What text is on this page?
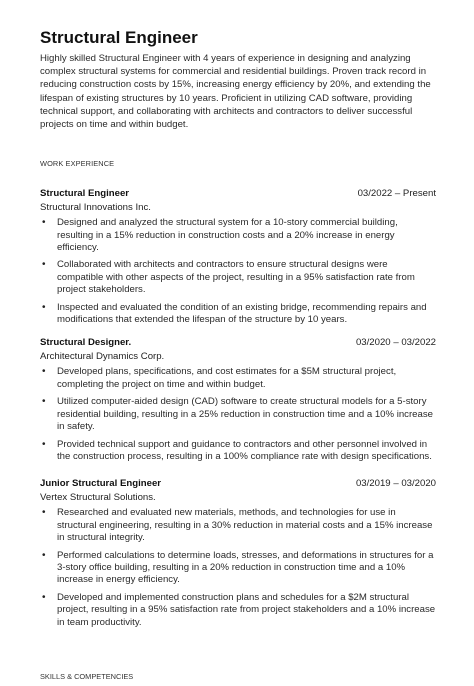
Structural Engineer

Highly skilled Structural Engineer with 4 years of experience in designing and analyzing complex structural systems for commercial and residential buildings. Proven track record in reducing construction costs by 15%, increasing energy efficiency by 20%, and extending the lifespan of existing structures by 10 years. Proficient in utilizing CAD software, providing technical support, and collaborating with architects and contractors to deliver successful projects on time and within budget.

WORK EXPERIENCE
Structural Engineer	03/2022 – Present
Structural Innovations Inc.
• Designed and analyzed the structural system for a 10-story commercial building, resulting in a 15% reduction in construction costs and a 20% increase in energy efficiency.
• Collaborated with architects and contractors to ensure structural designs were compatible with other aspects of the project, resulting in a 95% satisfaction rate from project stakeholders.
• Inspected and evaluated the condition of an existing bridge, recommending repairs and modifications that extended the lifespan of the structure by 10 years.
Structural Designer.	03/2020 – 03/2022
Architectural Dynamics Corp.
• Developed plans, specifications, and cost estimates for a $5M structural project, completing the project on time and within budget.
• Utilized computer-aided design (CAD) software to create structural models for a 5-story residential building, resulting in a 25% reduction in construction time and a 10% increase in safety.
• Provided technical support and guidance to contractors and other personnel involved in the construction process, resulting in a 100% compliance rate with design specifications.
Junior Structural Engineer	03/2019 – 03/2020
Vertex Structural Solutions.
• Researched and evaluated new materials, methods, and technologies for use in structural engineering, resulting in a 30% reduction in material costs and a 15% increase in structural integrity.
• Performed calculations to determine loads, stresses, and deformations in structures for a 3-story office building, resulting in a 20% reduction in construction time and a 10% increase in energy efficiency.
• Developed and implemented construction plans and schedules for a $2M structural project, resulting in a 95% satisfaction rate from project stakeholders and a 10% increase in team productivity.
SKILLS & COMPETENCIES
